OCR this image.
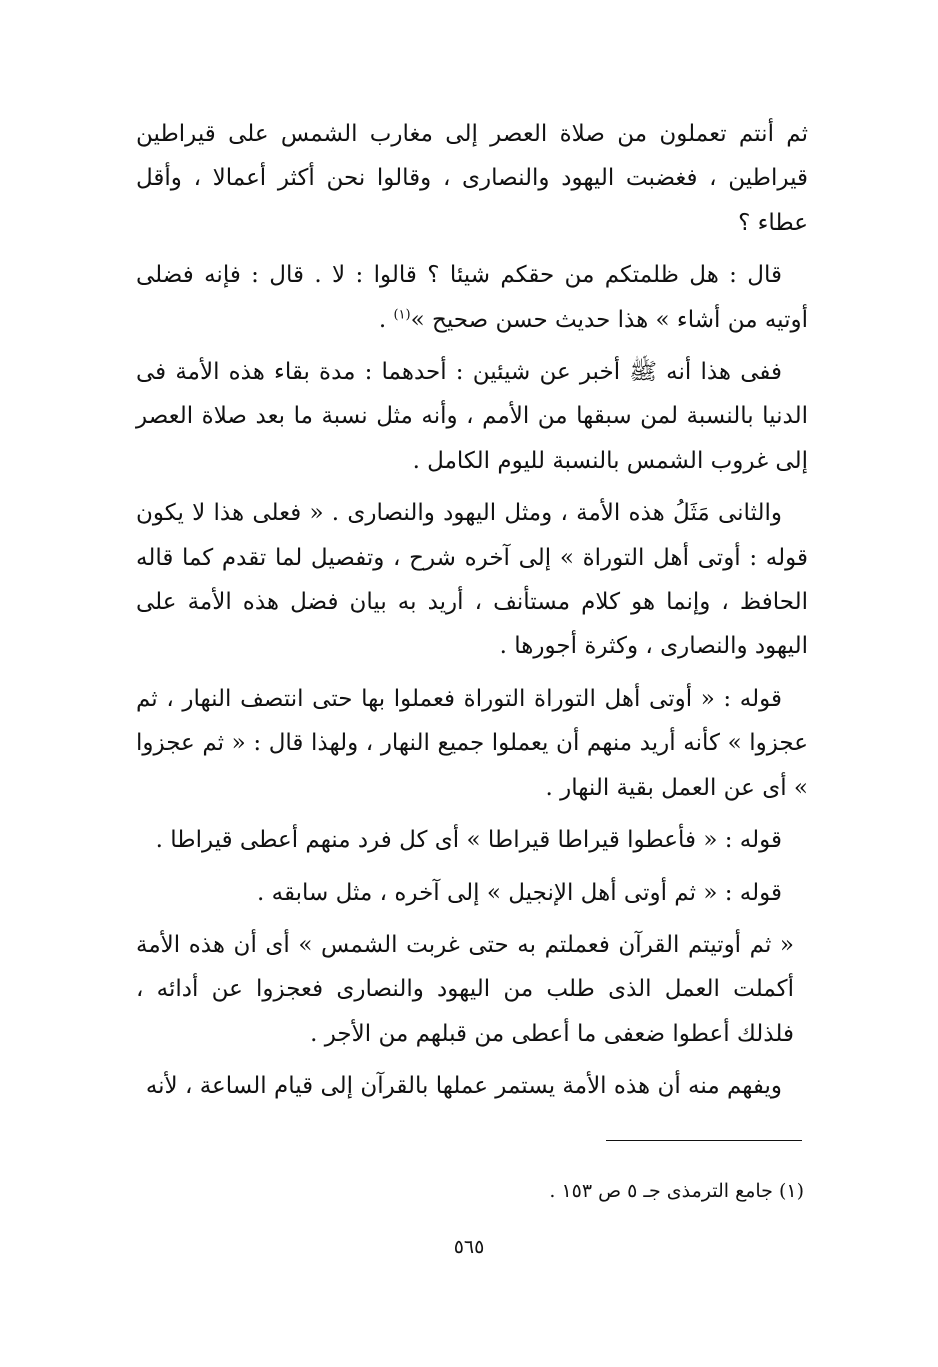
ثم أنتم تعملون من صلاة العصر إلى مغارب الشمس على قيراطين قيراطين ، فغضبت اليهود والنصارى ، وقالوا نحن أكثر أعمالا ، وأقل عطاء ؟

قال : هل ظلمتكم من حقكم شيئا ؟ قالوا : لا . قال : فإنه فضلى أوتيه من أشاء » هذا حديث حسن صحيح »$^{(١)}$ .

ففى هذا أنه ﷺ أخبر عن شيئين : أحدهما : مدة بقاء هذه الأمة فى الدنيا بالنسبة لمن سبقها من الأمم ، وأنه مثل نسبة ما بعد صلاة العصر إلى غروب الشمس بالنسبة لليوم الكامل .

والثانى مَثَلُ هذه الأمة ، ومثل اليهود والنصارى . « فعلى هذا لا يكون قوله : أوتى أهل التوراة » إلى آخره شرح ، وتفصيل لما تقدم كما قاله الحافظ ، وإنما هو كلام مستأنف ، أريد به بيان فضل هذه الأمة على اليهود والنصارى ، وكثرة أجورها .

قوله : « أوتى أهل التوراة التوراة فعملوا بها حتى انتصف النهار ، ثم عجزوا » كأنه أريد منهم أن يعملوا جميع النهار ، ولهذا قال : « ثم عجزوا » أى عن العمل بقية النهار .

قوله : « فأعطوا قيراطا قيراطا » أى كل فرد منهم أعطى قيراطا .

قوله : « ثم أوتى أهل الإنجيل » إلى آخره ، مثل سابقه .

« ثم أوتيتم القرآن فعملتم به حتى غربت الشمس » أى أن هذه الأمة أكملت العمل الذى طلب من اليهود والنصارى فعجزوا عن أدائه ، فلذلك أعطوا ضعفى ما أعطى من قبلهم من الأجر .

ويفهم منه أن هذه الأمة يستمر عملها بالقرآن إلى قيام الساعة ، لأنه

(١) جامع الترمذى جـ ٥ ص ١٥٣ .
٥٦٥
